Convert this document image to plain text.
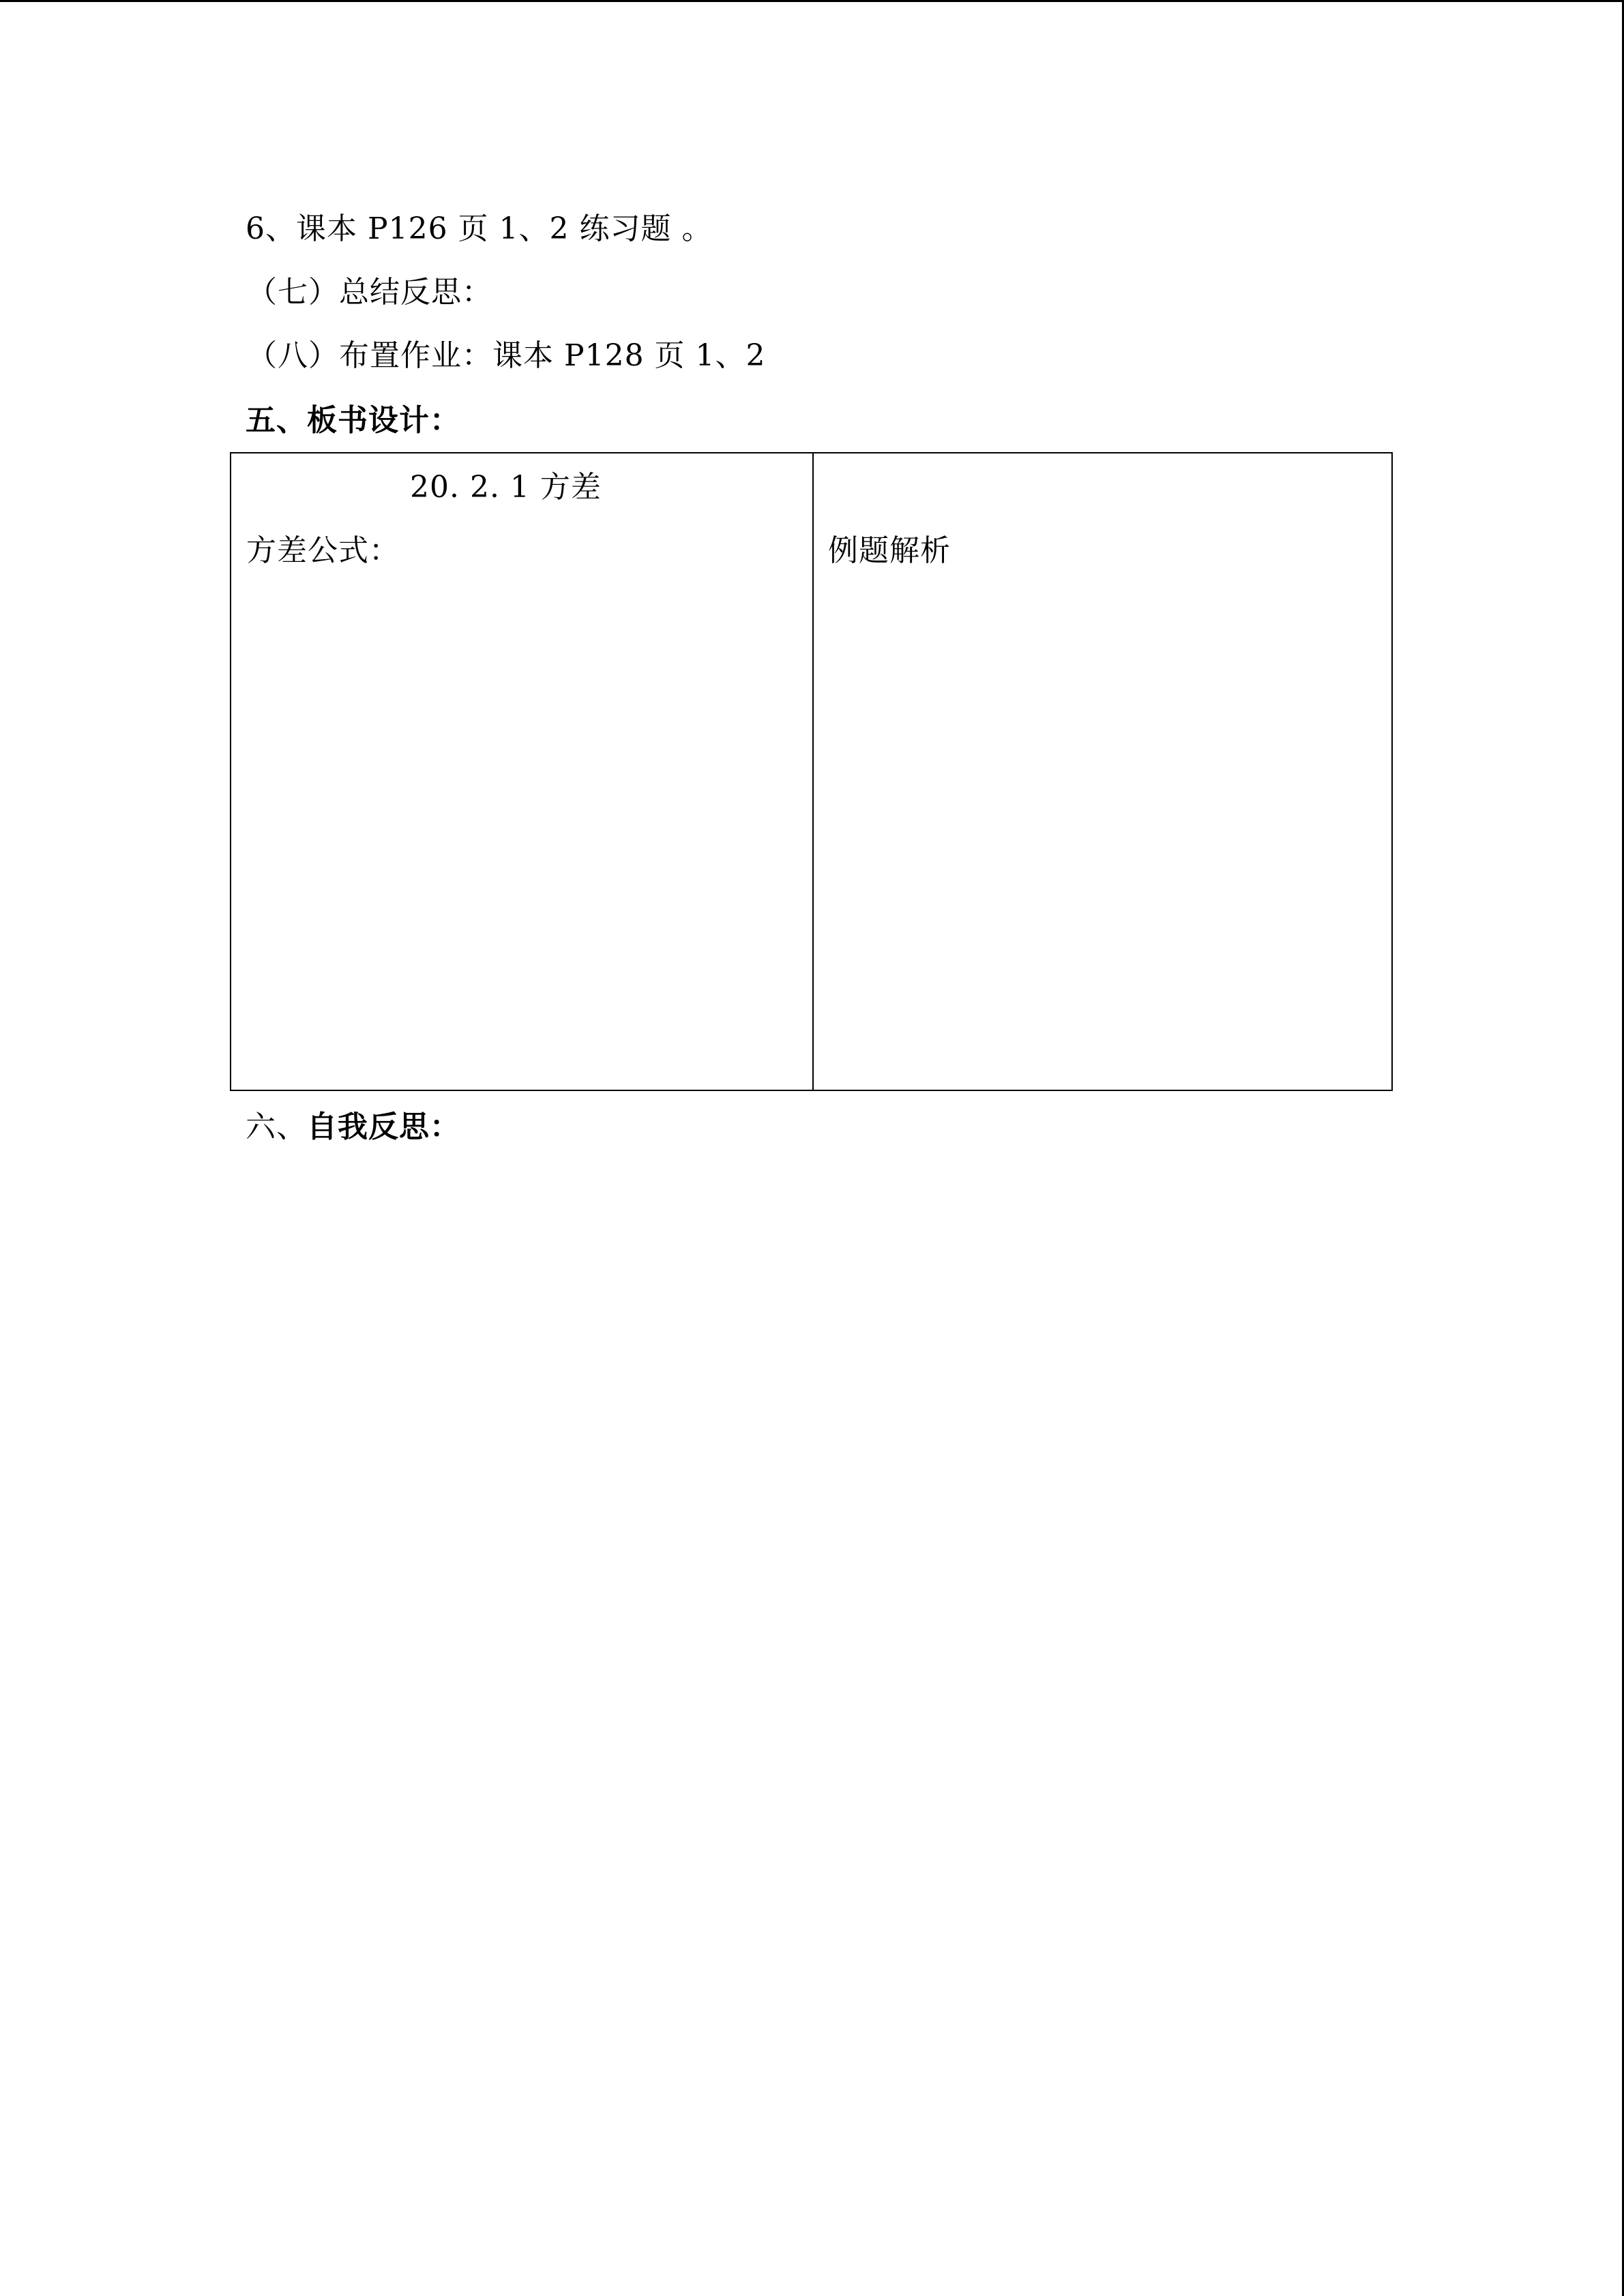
6、课本 P126 页 1、2 练习题 。
（七）总结反思：
（八）布置作业：课本 P128 页 1、2
五、板书设计：
20. 2. 1 方差
方差公式：	例题解析
六、自我反思：
